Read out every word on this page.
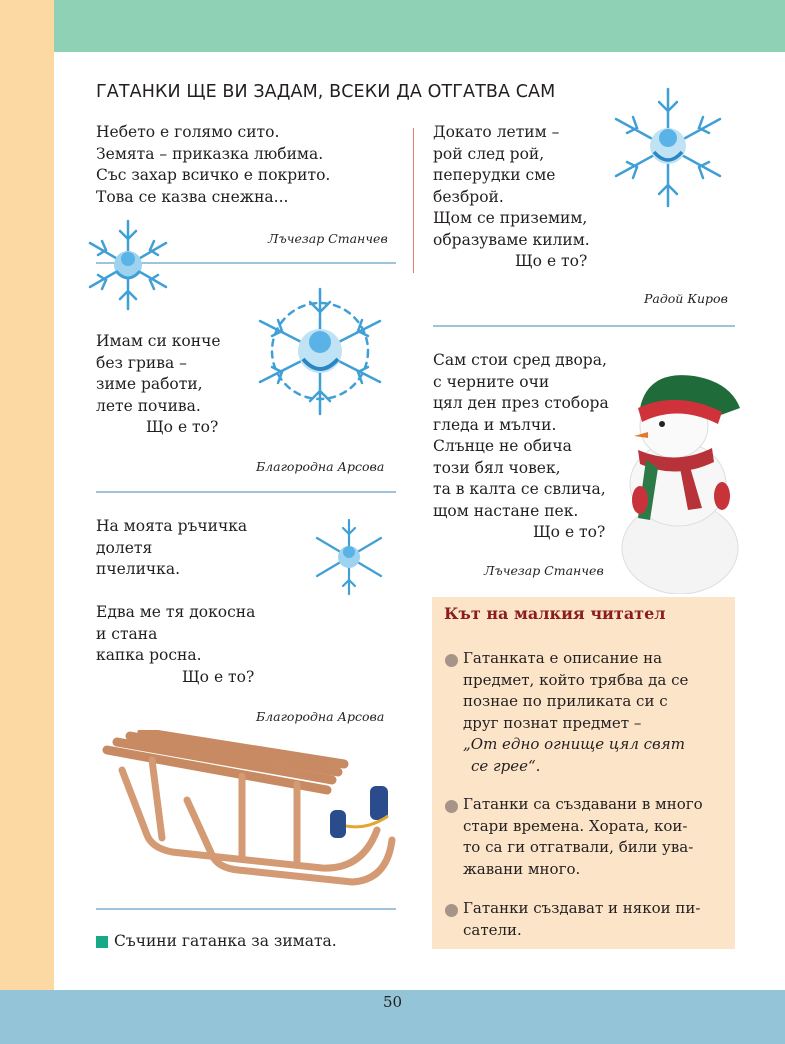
ГАТАНКИ ЩЕ ВИ ЗАДАМ, ВСЕКИ ДА ОТГАТВА САМ
Небето е голямо сито.
Земята – приказка любима.
Със захар всичко е покрито.
Това се казва снежна...
Лъчезар Станчев
Докато летим –
рой след рой,
пеперудки сме
безброй.
Щом се приземим,
образуваме килим.
Що е то?
Радой Киров
Имам си конче
без грива –
зиме работи,
лете почива.
Що е то?
Благородна Арсова
Сам стои сред двора,
с черните очи
цял ден през стобора
гледа и мълчи.
Слънце не обича
този бял човек,
та в калта се свлича,
щом настане пек.
Що е то?
Лъчезар Станчев
На моята ръчичка
долетя
пчеличка.
Едва ме тя докосна
и стана
капка росна.
Що е то?
Благородна Арсова
Съчини гатанка за зимата.
Кът на малкия читател
Гатанката е описание на
предмет, който трябва да се
познае по приликата си с
друг познат предмет –
„От едно огнище цял свят
се грее“.
Гатанки са създавани в много
стари времена. Хората, кои-
то са ги отгатвали, били ува-
жавани много.
Гатанки създават и някои пи-
сатели.
50
